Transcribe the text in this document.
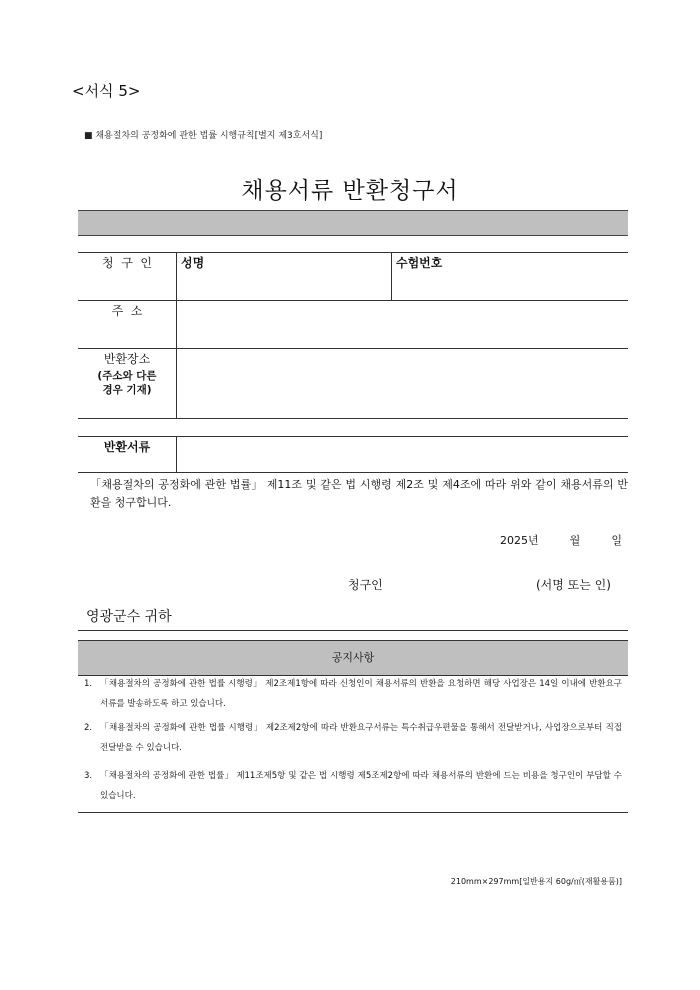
<서식 5>
■ 채용절차의 공정화에 관한 법률 시행규칙[별지 제3호서식]
채용서류 반환청구서
청  구  인	성명	수험번호
주  소
반환장소
(주소와 다른 경우 기재)
반환서류
「채용절차의 공정화에 관한 법률」 제11조 및 같은 법 시행령 제2조 및 제4조에 따라 위와 같이 채용서류의 반환을 청구합니다.
2025년	월	일
청구인	(서명 또는 인)
영광군수 귀하
공지사항
1. 「채용절차의 공정화에 관한 법률 시행령」 제2조제1항에 따라 신청인이 채용서류의 반환을 요청하면 해당 사업장은 14일 이내에 반환요구서류를 발송하도록 하고 있습니다.
2. 「채용절차의 공정화에 관한 법률 시행령」 제2조제2항에 따라 반환요구서류는 특수취급우편물을 통해서 전달받거나, 사업장으로부터 직접 전달받을 수 있습니다.
3. 「채용절차의 공정화에 관한 법률」 제11조제5항 및 같은 법 시행령 제5조제2항에 따라 채용서류의 반환에 드는 비용을 청구인이 부담할 수 있습니다.
210mm×297mm[일반용지 60g/㎡(재활용품)]
